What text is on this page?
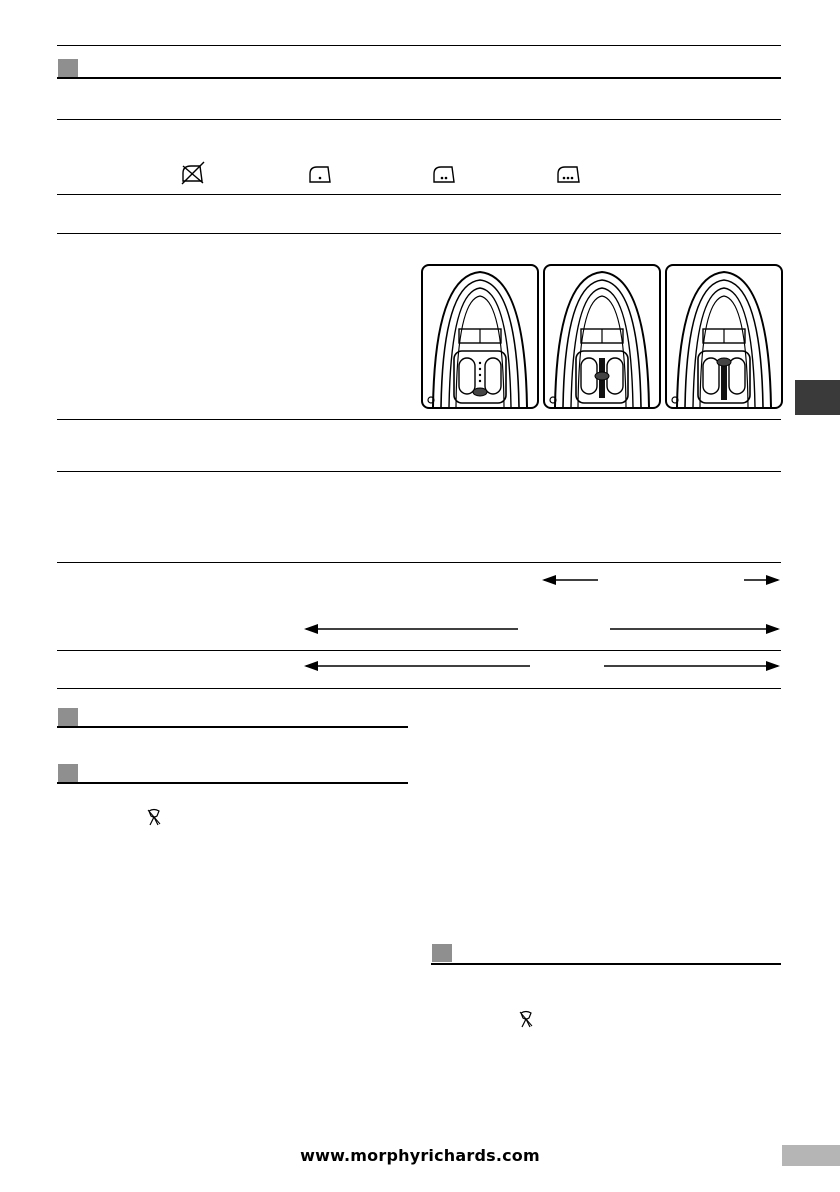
www.morphyrichards.com
